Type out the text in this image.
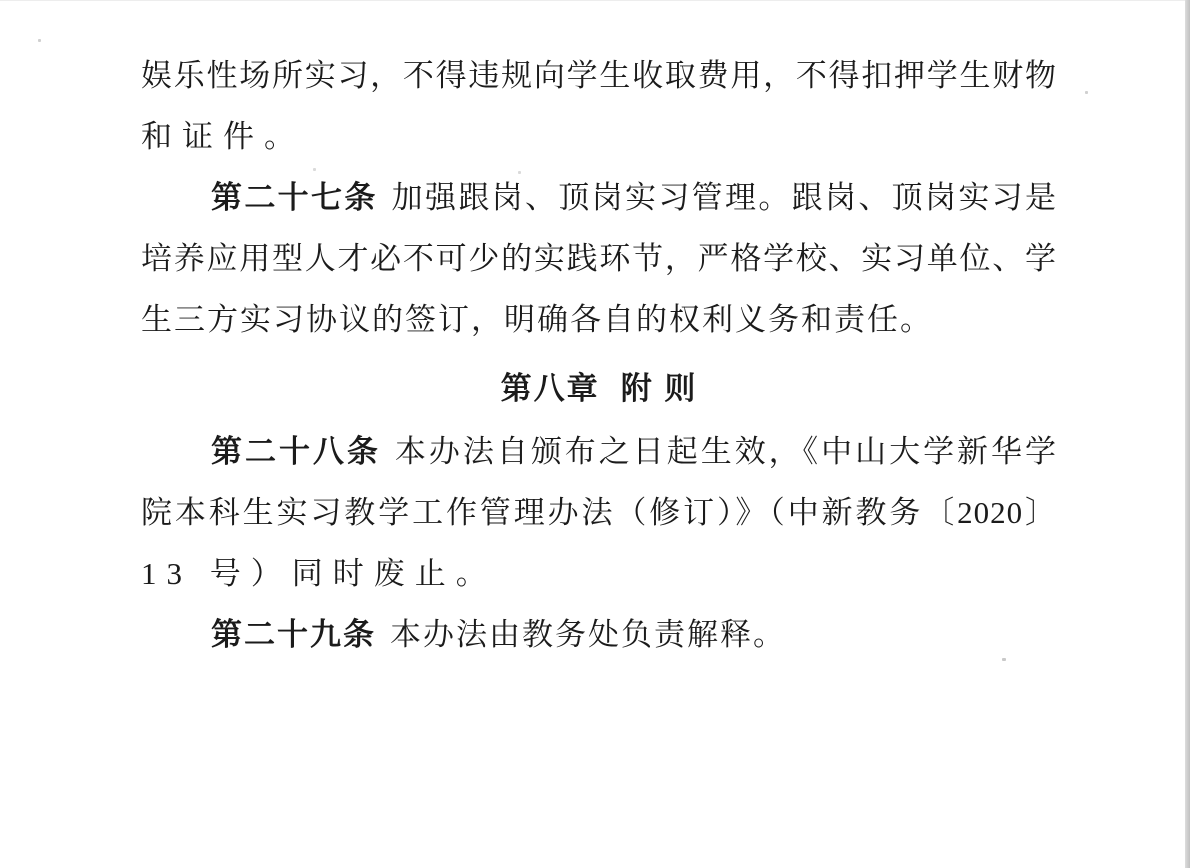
娱乐性场所实习，不得违规向学生收取费用，不得扣押学生财物
和证件。
第二十七条 加强跟岗、顶岗实习管理。跟岗、顶岗实习是
培养应用型人才必不可少的实践环节，严格学校、实习单位、学
生三方实习协议的签订，明确各自的权利义务和责任。
第八章  附 则
第二十八条 本办法自颁布之日起生效，《中山大学新华学
院本科生实习教学工作管理办法（修订）》（中新教务〔2020〕
13 号）同时废止。
第二十九条 本办法由教务处负责解释。
